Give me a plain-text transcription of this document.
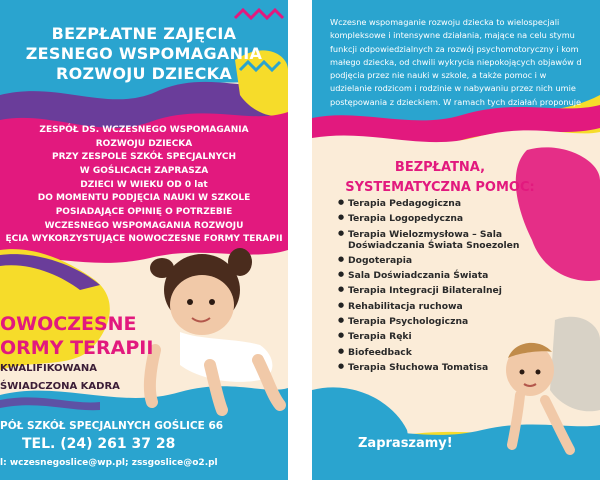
BEZPŁATNE ZAJĘCIA
ZESNEGO WSPOMAGANIA
ROZWOJU DZIECKA
ZESPÓŁ DS. WCZESNEGO WSPOMAGANIA
ROZWOJU DZIECKA
PRZY ZESPOLE SZKÓŁ SPECJALNYCH
W GOŚLICACH ZAPRASZA
DZIECI W WIEKU OD 0 lat
DO MOMENTU PODJĘCIA NAUKI W SZKOLE
POSIADAJĄCE OPINIĘ O POTRZEBIE
WCZESNEGO WSPOMAGANIA ROZWOJU
ĘCIA WYKORZYSTUJĄCE NOWOCZESNE FORMY TERAPII
OWOCZESNE
ORMY TERAPII
KWALIFIKOWANA
ŚWIADCZONA KADRA
PÓŁ SZKÓŁ SPECJALNYCH GOŚLICE 66
TEL. (24) 261 37 28
l: wczesnegoslice@wp.pl; zssgoslice@o2.pl
Wczesne wspomaganie rozwoju dziecka to wielospecjali
kompleksowe i intensywne działania, mające na celu stymu
funkcji odpowiedzialnych za rozwój psychomotoryczny i kom
małego dziecka, od chwili wykrycia niepokojących objawów d
podjęcia przez nie nauki w szkole, a także pomoc i w
udzielanie rodzicom i rodzinie w nabywaniu przez nich umie
postępowania z dzieckiem. W ramach tych działań proponuje
BEZPŁATNA,
SYSTEMATYCZNA POMOC:
● Terapia Pedagogiczna
● Terapia Logopedyczna
● Terapia Wielozmysłowa – Sala Doświadczania Świata Snoezolen
● Dogoterapia
● Sala Doświadczania Świata
● Terapia Integracji Bilateralnej
● Rehabilitacja ruchowa
● Terapia Psychologiczna
● Terapia Ręki
● Biofeedback
● Terapia Słuchowa Tomatisa
Zapraszamy!
